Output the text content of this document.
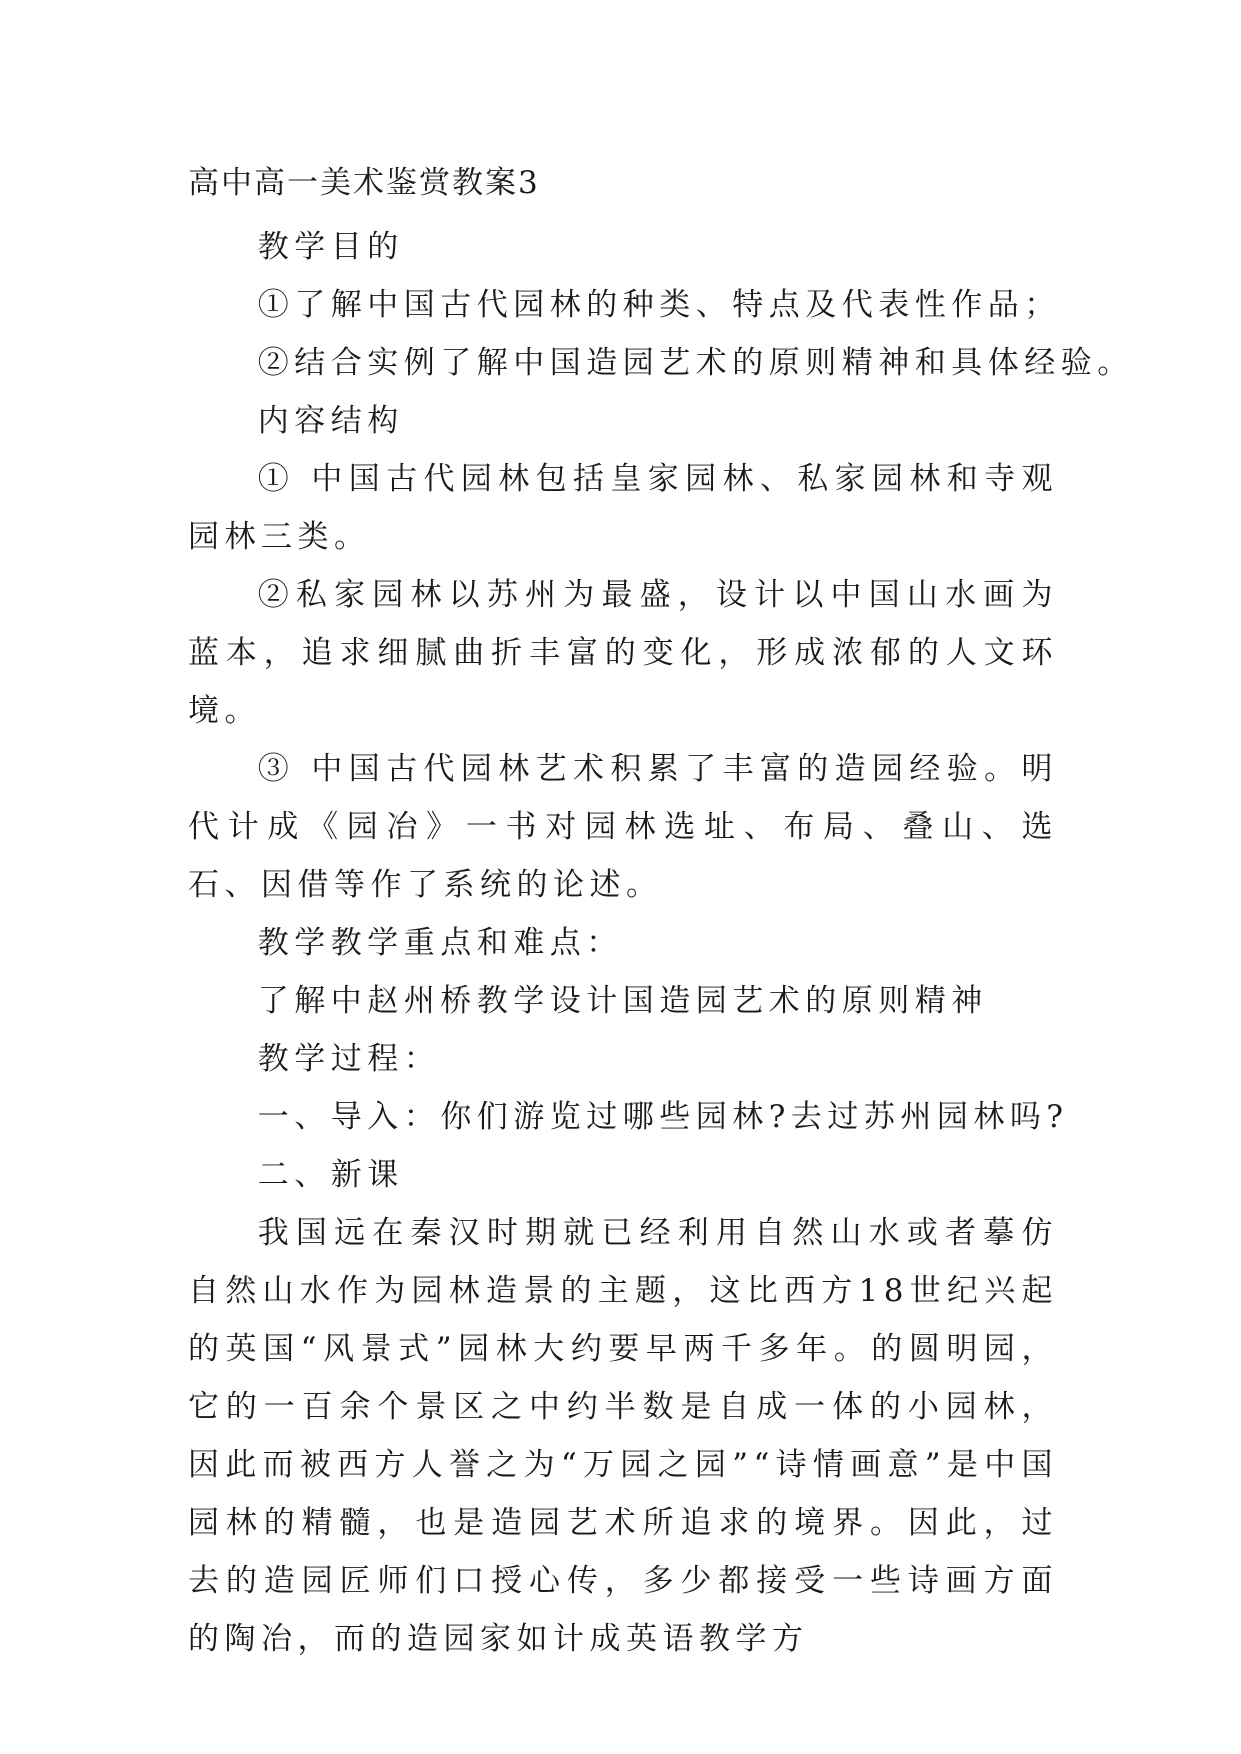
高中高一美术鉴赏教案3

教学目的

①了解中国古代园林的种类、特点及代表性作品；

②结合实例了解中国造园艺术的原则精神和具体经验。

内容结构

① 中国古代园林包括皇家园林、私家园林和寺观园林三类。

②私家园林以苏州为最盛，设计以中国山水画为蓝本，追求细腻曲折丰富的变化，形成浓郁的人文环境。

③ 中国古代园林艺术积累了丰富的造园经验。明代计成《园冶》一书对园林选址、布局、叠山、选石、因借等作了系统的论述。

教学教学重点和难点：

了解中赵州桥教学设计国造园艺术的原则精神

教学过程：

一、导入：你们游览过哪些园林?去过苏州园林吗?

二、新课

我国远在秦汉时期就已经利用自然山水或者摹仿自然山水作为园林造景的主题，这比西方18世纪兴起的英国“风景式”园林大约要早两千多年。的圆明园，它的一百余个景区之中约半数是自成一体的小园林，因此而被西方人誉之为“万园之园”“诗情画意”是中国园林的精髓，也是造园艺术所追求的境界。因此，过去的造园匠师们口授心传，多少都接受一些诗画方面的陶冶，而的造园家如计成英语教学方
